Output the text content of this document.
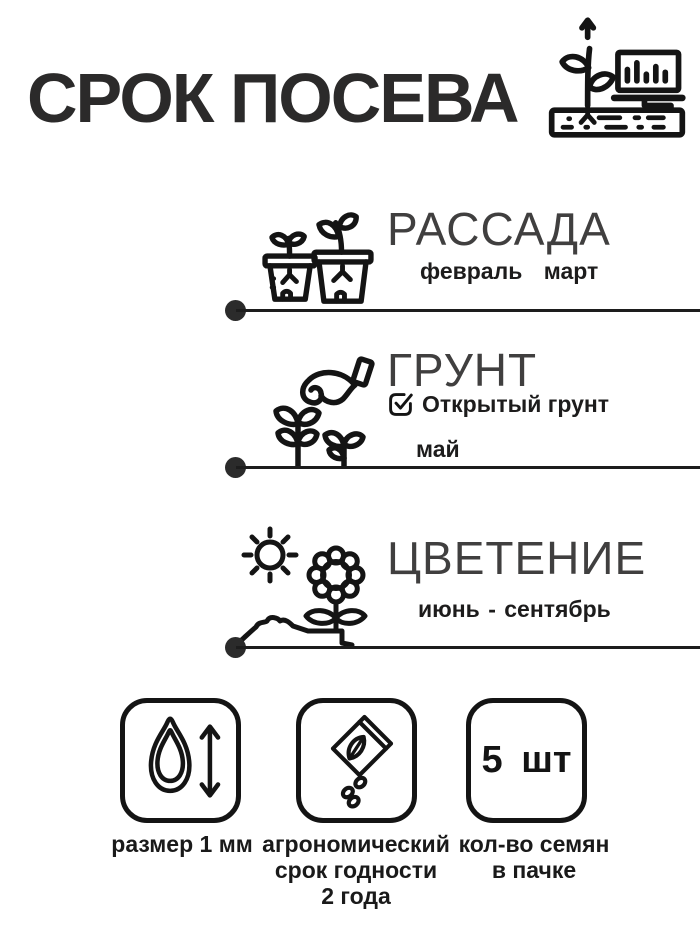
СРОК ПОСЕВА
РАССАДА
февраль март
ГРУНТ
Открытый грунт
май
ЦВЕТЕНИЕ
июнь - сентябрь
5 шт
размер 1 мм агрономический
срок годности
2 года
кол-во семян
в пачке
